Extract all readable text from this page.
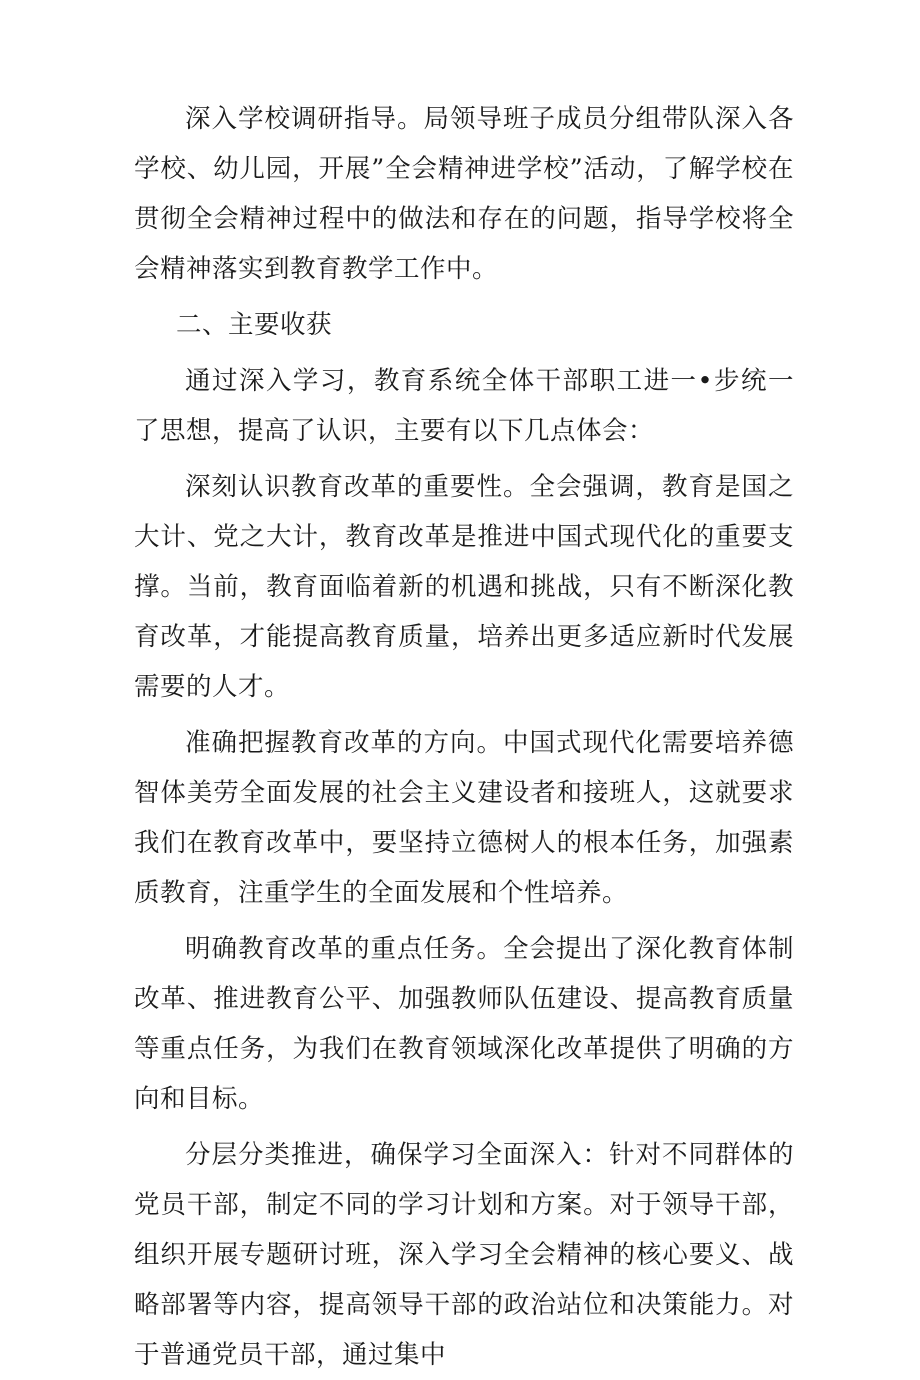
深入学校调研指导。局领导班子成员分组带队深入各学校、幼儿园，开展”全会精神进学校”活动，了解学校在贯彻全会精神过程中的做法和存在的问题，指导学校将全会精神落实到教育教学工作中。

二、主要收获

通过深入学习，教育系统全体干部职工进一•步统一了思想，提高了认识，主要有以下几点体会：

深刻认识教育改革的重要性。全会强调，教育是国之大计、党之大计，教育改革是推进中国式现代化的重要支撑。当前，教育面临着新的机遇和挑战，只有不断深化教育改革，才能提高教育质量，培养出更多适应新时代发展需要的人才。

准确把握教育改革的方向。中国式现代化需要培养德智体美劳全面发展的社会主义建设者和接班人，这就要求我们在教育改革中，要坚持立德树人的根本任务，加强素质教育，注重学生的全面发展和个性培养。

明确教育改革的重点任务。全会提出了深化教育体制改革、推进教育公平、加强教师队伍建设、提高教育质量等重点任务，为我们在教育领域深化改革提供了明确的方向和目标。

分层分类推进，确保学习全面深入：针对不同群体的党员干部，制定不同的学习计划和方案。对于领导干部，组织开展专题研讨班，深入学习全会精神的核心要义、战略部署等内容，提高领导干部的政治站位和决策能力。对于普通党员干部，通过集中
